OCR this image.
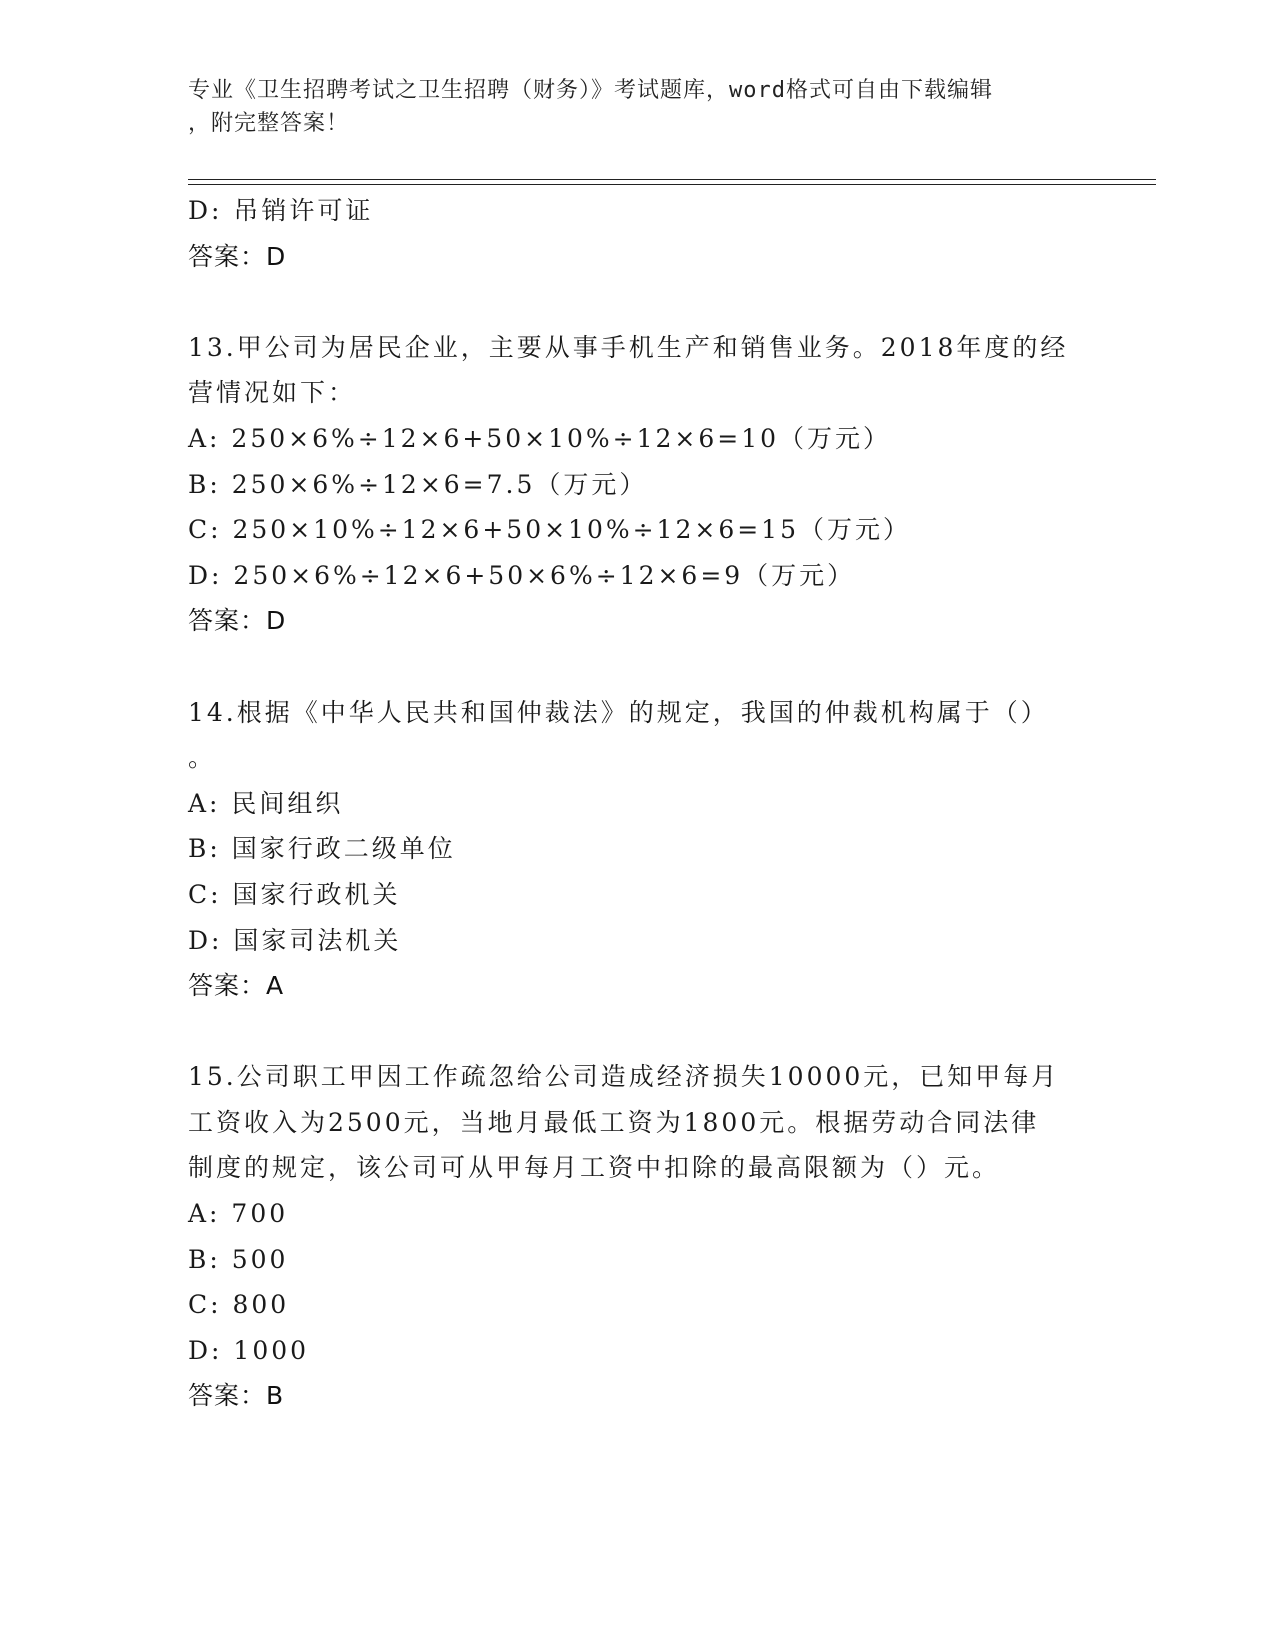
专业《卫生招聘考试之卫生招聘（财务）》考试题库，word格式可自由下载编辑
，附完整答案！
D: 吊销许可证
答案：D
13.甲公司为居民企业，主要从事手机生产和销售业务。2018年度的经
营情况如下：
A: 250×6%÷12×6+50×10%÷12×6=10（万元）
B: 250×6%÷12×6=7.5（万元）
C: 250×10%÷12×6+50×10%÷12×6=15（万元）
D: 250×6%÷12×6+50×6%÷12×6=9（万元）
答案：D
14.根据《中华人民共和国仲裁法》的规定，我国的仲裁机构属于（）
。
A: 民间组织
B: 国家行政二级单位
C: 国家行政机关
D: 国家司法机关
答案：A
15.公司职工甲因工作疏忽给公司造成经济损失10000元，已知甲每月
工资收入为2500元，当地月最低工资为1800元。根据劳动合同法律
制度的规定，该公司可从甲每月工资中扣除的最高限额为（）元。
A: 700
B: 500
C: 800
D: 1000
答案：B
